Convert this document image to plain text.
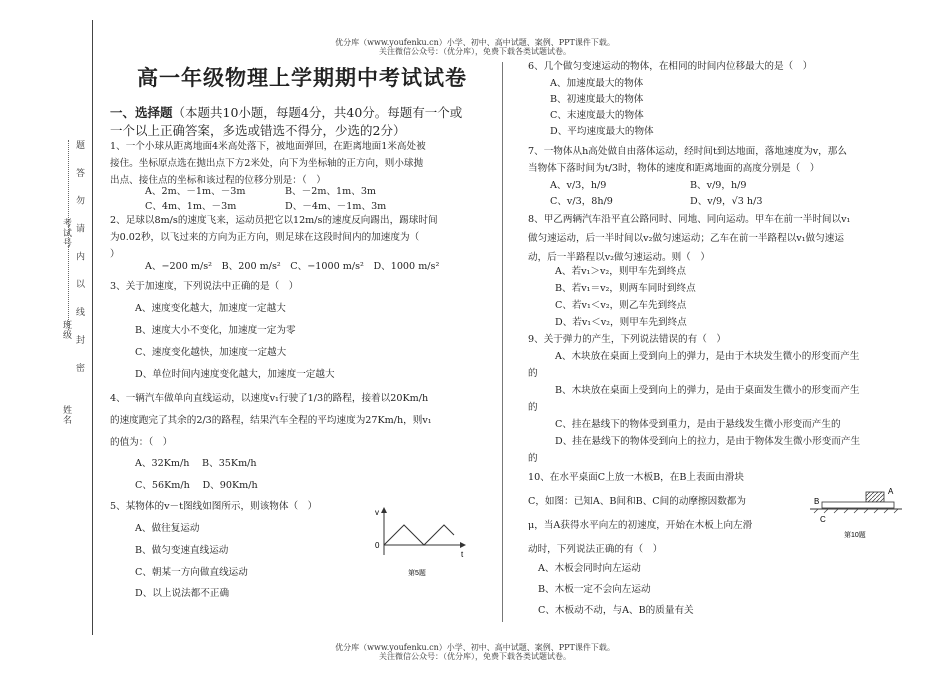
优分库（www.youfenku.cn）小学、初中、高中试题、案例、PPT课件下载。
关注微信公众号：（优分库），免费下载各类试题试卷。
优分库（www.youfenku.cn）小学、初中、高中试题、案例、PPT课件下载。
关注微信公众号：（优分库），免费下载各类试题试卷。
题 答 勿 请 内 以 线 封 密
考试号
班级
姓名
高一年级物理上学期期中考试试卷
一、选择题（本题共10小题，每题4分，共40分。每题有一个或
一个以上正确答案，多选或错选不得分，少选的2分）
1、一个小球从距离地面4米高处落下，被地面弹回，在距离地面1米高处被
接住。坐标原点选在抛出点下方2米处，向下为坐标轴的正方向，则小球抛
出点、接住点的坐标和该过程的位移分别是：（　）
A、2m、－1m、－3m	B、－2m、1m、3m
C、4m、1m、－3m	D、－4m、－1m、3m
2、足球以8m/s的速度飞来，运动员把它以12m/s的速度反向踢出，踢球时间
为0.02秒，以飞过来的方向为正方向，则足球在这段时间内的加速度为（
）
A、−200 m/s²　B、200 m/s²　C、−1000 m/s²　D、1000 m/s²
3、关于加速度，下列说法中正确的是（　）
A、速度变化越大，加速度一定越大
B、速度大小不变化，加速度一定为零
C、速度变化越快，加速度一定越大
D、单位时间内速度变化越大，加速度一定越大
4、一辆汽车做单向直线运动，以速度v₁行驶了1/3的路程，接着以20Km/h
的速度跑完了其余的2/3的路程，结果汽车全程的平均速度为27Km/h，则v₁
的值为：（　）
A、32Km/h　 B、35Km/h
C、56Km/h　 D、90Km/h
5、某物体的v－t图线如图所示，则该物体（　）
A、做往复运动
B、做匀变速直线运动
C、朝某一方向做直线运动
D、以上说法都不正确
v
0
t
第5题
6、几个做匀变速运动的物体，在相同的时间内位移最大的是（　）
A、加速度最大的物体
B、初速度最大的物体
C、末速度最大的物体
D、平均速度最大的物体
7、一物体从h高处做自由落体运动，经时间t到达地面，落地速度为v，那么
当物体下落时间为t/3时，物体的速度和距离地面的高度分别是（　）
A、v/3，h/9	B、v/9，h/9
C、v/3，8h/9	D、v/9，√3 h/3
8、甲乙两辆汽车沿平直公路同时、同地、同向运动。甲车在前一半时间以v₁
做匀速运动，后一半时间以v₂做匀速运动；乙车在前一半路程以v₁做匀速运
动，后一半路程以v₂做匀速运动。则（　）
A、若v₁＞v₂，则甲车先到终点
B、若v₁＝v₂，则两车同时到终点
C、若v₁＜v₂，则乙车先到终点
D、若v₁＜v₂，则甲车先到终点
9、关于弹力的产生，下列说法错误的有（　）
A、木块放在桌面上受到向上的弹力，是由于木块发生微小的形变而产生
的
B、木块放在桌面上受到向上的弹力，是由于桌面发生微小的形变而产生
的
C、挂在悬线下的物体受到重力，是由于悬线发生微小形变而产生的
D、挂在悬线下的物体受到向上的拉力，是由于物体发生微小形变而产生
的
10、在水平桌面C上放一木板B，在B上表面由滑块
C，如图：已知A、B间和B、C间的动摩擦因数都为
μ，当A获得水平向左的初速度，开始在木板上向左滑
动时，下列说法正确的有（　）
A、木板会同时向左运动
B、木板一定不会向左运动
C、木板动不动，与A、B的质量有关
A
B
C
第10题
